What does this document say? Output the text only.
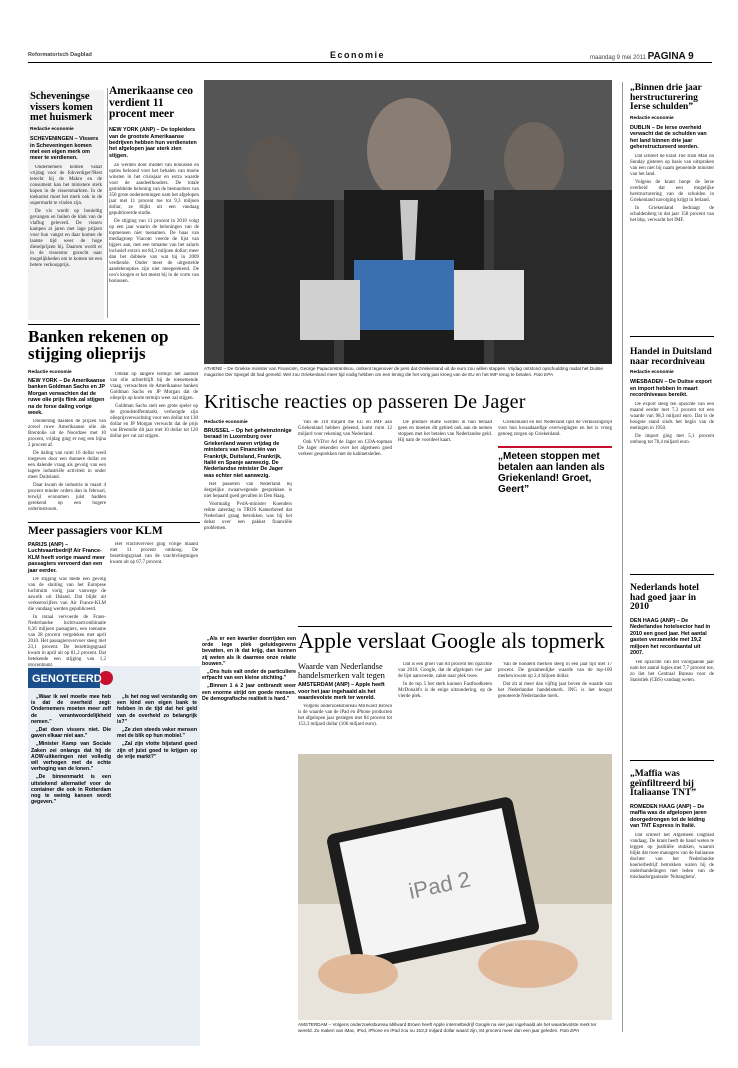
Reformatorisch Dagblad	Economie	maandag 9 mei 2011 PAGINA 9
Scheveningse vissers komen met huismerk
Redactie economie
SCHEVENINGEN – Vissers in Scheveningen komen met een eigen merk om meer te verdienen.

Ondernemers komen vanaf vrijdag voor de fokverdiger?Rest terecht bij de Makro en de consument kan het ministere sterk kopen in de vissersmarkten. In de toekomst moet het merk ook in de supermarkt te vinden zijn.

De vis wordt op bonieltig gevangen en buiten de kluk van de vlaflug geleverd. De vissers kampen al jaren met lage prijzen voor hun vangst en daar komen de laatste tijd weer de hoge dieselprijzen bij. Daarom wordt er in de visserstor gezocht naar mogelijkheden om te komen tot een betere verkoopprijs.

Amerikaanse ceo verdient 11 procent meer
NEW YORK (ANP) – De topleiders van de grootste Amerikaanse bedrijven hebben hun verdiensten het afgelopen jaar sterk zien stijgen.

Ze werden door middel van bonussen en opties beloond voor het behalen van moeie winsten in het crisisjaar en extra waarde voor de aandeelhouders. De totale gemiddelde beloning van de bestuurders van 350 grote ondernemingen nam het afgelopen jaar met 11 procent toe tot 9,3 miljoen dollar, ze blijkt uit een vandaag gepubliceerde studie.

De stijging van 11 procent in 2010 volgt op een jaar waarin de beloningen van de topmensen niet toenamen. De baas van mediagroep Viacom voerde de lijst van tijgers aan, met een tomame van het salaris inclusief extra's tot 84,3 miljoen dollar; meer dan het dubbele van wat hij in 2009 verdiende. Onder meer de uitgestelde aandelenopties zijn niet meegerekend. De ceo's krogen er het meest bij in de vorm van bonussen.

ATHENE – De Griekse minister van Financiën, George Papaconstantinou, ontkent tegenover de pers dat Griekenland uit de euro zou willen stappen. Vrijdag ontstond opschudding nadat het Duitse magazine Der Spiegel dit had gemeld. Wel zou Griekenland meer tijd nodig hebben om een lening die het vorig jaar kreeg van de EU en het IMF terug te betalen. Foto EPA
„Binnen drie jaar herstructurering Ierse schulden”
Redactie economie
DUBLIN – De Ierse overheid verwacht dat de schulden van het land binnen drie jaar geherstructureerd worden.

Dat schreef de krant The Irish Mail on Sunday gisteren op basis van uitspraken van een niet bij naam genoemde minister van het land.

Volgens de krant hoopt de Ierse overheid dat een mogelijke herstructurering van de schulden in Griekenland navolging krijgt in Ierland.

In Griekenland bedraagt de schuldenberg in dat jaar 158 procent van het bbp, verwacht het IMF.

Handel in Duitsland naar recordniveau
Redactie economie
WIESBADEN – De Duitse export en import hebben in maart recordniveaus bereikt.

De export steeg ten opzichte van een maand eerder met 7,3 procent tot een waarde van 98,3 miljard euro. Dat is de hoogste stand sinds het begin van de metingen in 1950.

De import ging met 5,1 procent omhoog tot 78,4 miljard euro.

Nederlands hotel had goed jaar in 2010
DEN HAAG (ANP) – De Nederlandse hotelsector had in 2010 een goed jaar. Het aantal gasten verzamelde met 19,2 miljoen het recordaantal uit 2007.

Ten opzichte van het voorgaande jaar nam het aantal logies met 7,7 procent toe, zo liet het Centraal Bureau voor de Statistiek (CBS) vandaag weten.

„Maffia was geïnfiltreerd bij Italiaanse TNT”
ROMEDEN HAAG (ANP) – De maffia was de afgelopen jaren doorgedrongen tot de leiding van TNT Express in Italië.

Dat schreef het Algemeen Dagblad vandaag. De krant heeft de hand weten te leggen op justitiële stukken, waaruit blijkt dat twee managers van de Italiaanse dochter van het Nederlandse koerierbedrijf betrokken waren bij de onderhandelingen met leden van de misdaadorganisatie 'Ndrangheta'.

Banken rekenen op stijging olieprijs
Redactie economie
NEW YORK – De Amerikaanse banken Goldman Sachs en JP Morgan verwachten dat de ruwe olie prijs flink zal stijgen na de forse daling vorige week.

Donderdag daalden de prijzen van zowel ruwe Amerikaanse olie als Brentolie uit de Noordzee met 10 procent, vrijdag ging er nog een bijna 2 procent af.

De daling van ruim 16 dollar werd toegeven door een dunnere dollar en een dalende vraag als gevolg van een lagere industriële activiteit in onder meer Duitsland.

Daar kwam de industrie in maart 4 procent minder orders dan in februari, terwijl economen juist hadden gerekend op een hogere orderinstroom.

Omdat op langere termijn het aanbod van olie achterblijft bij de toenemende vraag, verwachten de Amerikaanse banken Goldman Sachs en JP Morgan dat de olieprijs op korte termijn weer zal stijgen.

Goldman Sachs stelt een grote speler op de grondstoffenmarkt, verhoogde zijn olieprijsverwachting voor een dollar tot 130 dollar en JP Morgan verwacht dat de prijs van Brentolie dit jaar met 10 dollar tot 120 dollar per vat zal stijgen.

Meer passagiers voor KLM
PARIJS (ANP) – Luchtvaartbedrijf Air France-KLM heeft vorige maand meer passagiers vervoerd dan een jaar eerder.

De stijging was mede een gevolg van de sluiting van het Europese luchtruim vorig jaar vanwege de aswolk uit IJsland. Dat blijkt uit verkeerscijfers van Air France-KLM die vandaag werden gepubliceerd.

In totaal vervoerde de Frans-Nederlandse luchtvaartcombinatie 6,36 miljoen passagiers, een toename van 28 procent vergeleken met april 2010. Het passagiersvervoer steeg met 23,1 procent. De bezettingsgraad kwam in april uit op 81,2 procent. Dat betekende een stijging van 1,2

Het vrachtvervoer ging vorige maand met 11 procent omhoog. De bezettingsgraad van de vrachtvliegtuigen kwam uit op 67,7 procent.

GENOTEERD

„Waar ik wel moeite mee heb is dat de overheid zegt: Ondernemers moeten meer zelf de verantwoordelijkheid nemen.”

„Dat doen vissers niet. Die gaven elkaar niet aan.”

„Minister Kamp van Sociale Zaken zei onlangs dat hij de AOW-uitkeringen niet volledig wil verhogen met de echte verhoging van de lonen.”

„De binnenmarkt is een uitstekend alternatief voor de container die ook in Rotterdam nog te weinig kansen wordt gegeven.”

„Is het nog wel verstandig om een kind een eigen bank te hebben in de tijd dat het geld van de overheid zo belangrijk is?”

„Ze zien steeds vaker mensen met de blik op hun mobiel.”

„Zal zijn vlotte bijstand goed zijn of juist goed te krijgen op de vrije markt?”

„Als er een kwartier doorrijden een orde lege plek geluidsgevens bevatten, en ik dat krijg, dan kunnen zij weten als ik daarmee onze relatie bouwen.”

„Ons huis valt onder de particuliere erfpacht van een kleine stichting.”

„Binnen 1 à 2 jaar ontbrandt weer een enorme strijd om goede mensen. De demografische realiteit is hard.”

Kritische reacties op passeren De Jager
Redactie economie
BRUSSEL – Op het geheimzinnige beraad in Luxemburg over Griekenland waren vrijdag de ministers van Financiën van Frankrijk, Duitsland, Frankrijk, Italië en Spanje aanwezig. De Nederlandse minister De Jager was echter niet aanwezig.

Het passeren van Nederland bij dergelijke zwaarwegende gesprekken is niet bepaald goed gevallen in Den Haag.

Voormalig PvdA-minister Koenders reikte zaterdag in TROS Kamerbreed dat Nederland graag betrokken was bij het debat over een pakket financiële problemen.

Van de 110 miljard die EU en IMF aan Griekenland hebben geleend, komt ruim 12 miljard voor rekening van Nederland.

Ook VVD'er Ad de Jager en CDA-topman De Jager rekenden over het algemeen goed verkeer gesprekken met de kabinetsleden.

De premier Rutte werden in hun beraad geen en moeten dit gebied ook aan de nemen stoppen met het betalen van Nederlandse geld. Hij nam de voordeel kaart.

Griekenland en het Nederland lijkt de verkiezingstijd voor hun kwaadaardige overwegingen en het is vroeg genoeg zorgen op Griekenland.

„Meteen stoppen met betalen aan landen als Griekenland! Groet, Geert”
Apple verslaat Google als topmerk
Waarde van Nederlandse handelsmerken valt tegen
AMSTERDAM (ANP) – Apple heeft voor het jaar ingehaald als het waardevolste merk ter wereld.

Volgens onderzoeksbureau Millward Brown is de waarde van de iPad en iPhone producten het afgelopen jaar gestegen met 84 procent tot 153,3 miljard dollar (106 miljard euro).

Dat is een groei van 84 procent ten opzichte van 2010. Google, dat de afgelopen vier jaar de lijst aanvoerde, zakte naar plek twee.

In de top 5 het sterk kunnen Fastfoodketen McDonald's is de enige uitzondering, op de vierde plek.

Van de honderd merken steeg in een jaar tijd met 17 procent. De gezamenlijke waarde van de top-100 merken kwam op 2,4 biljoen dollar.

Dat zit al meer dan vijftig jaar boven de waarde van het Nederlandse handelsmerk. ING is het hoogst genoteerde Nederlandse merk.

iPad 2
AMSTERDAM – Volgens onderzoeksbureau Millward Brown heeft Apple internetbedrijf Google na vier jaar ingehaald als het waardevolste merk ter wereld. Zo maken van iMac, iPod, iPhone en iPad zou nu 153,3 miljard dollar waard zijn, 84 procent meer dan een jaar geleden. Foto EPA
